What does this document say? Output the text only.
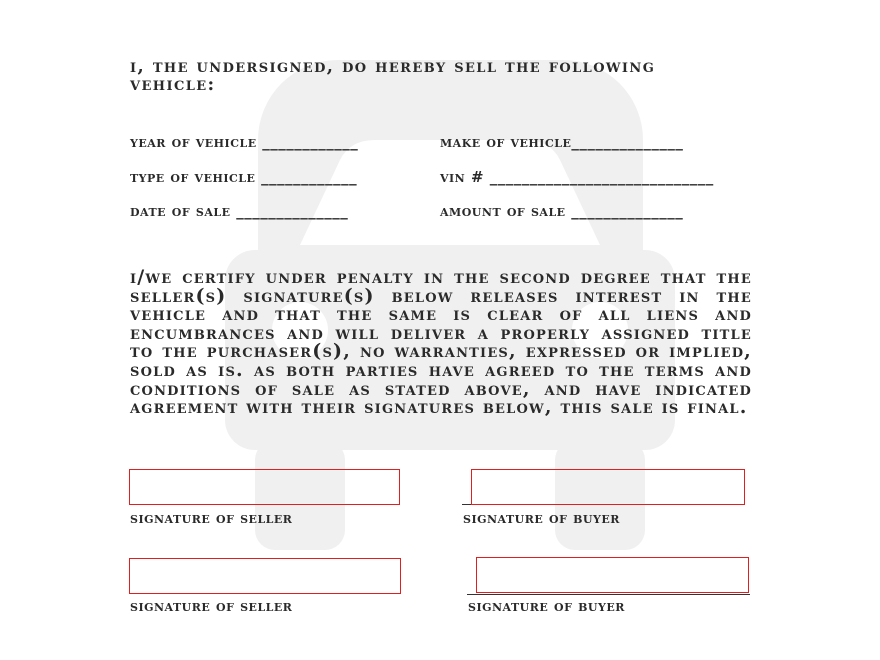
i, the undersigned, do hereby sell the following vehicle:
year of vehicle ____________	make of vehicle______________
type of vehicle ____________	vin # ____________________________
date of sale ______________	amount of sale ______________
i/we certify under penalty in the second degree that the seller(s) signature(s) below releases interest in the vehicle and that the same is clear of all liens and encumbrances and will deliver a properly assigned title to the purchaser(s), no warranties, expressed or implied, sold as is. as both parties have agreed to the terms and conditions of sale as stated above, and have indicated agreement with their signatures below, this sale is final.
signature of seller	signature of buyer
signature of seller	signature of buyer
